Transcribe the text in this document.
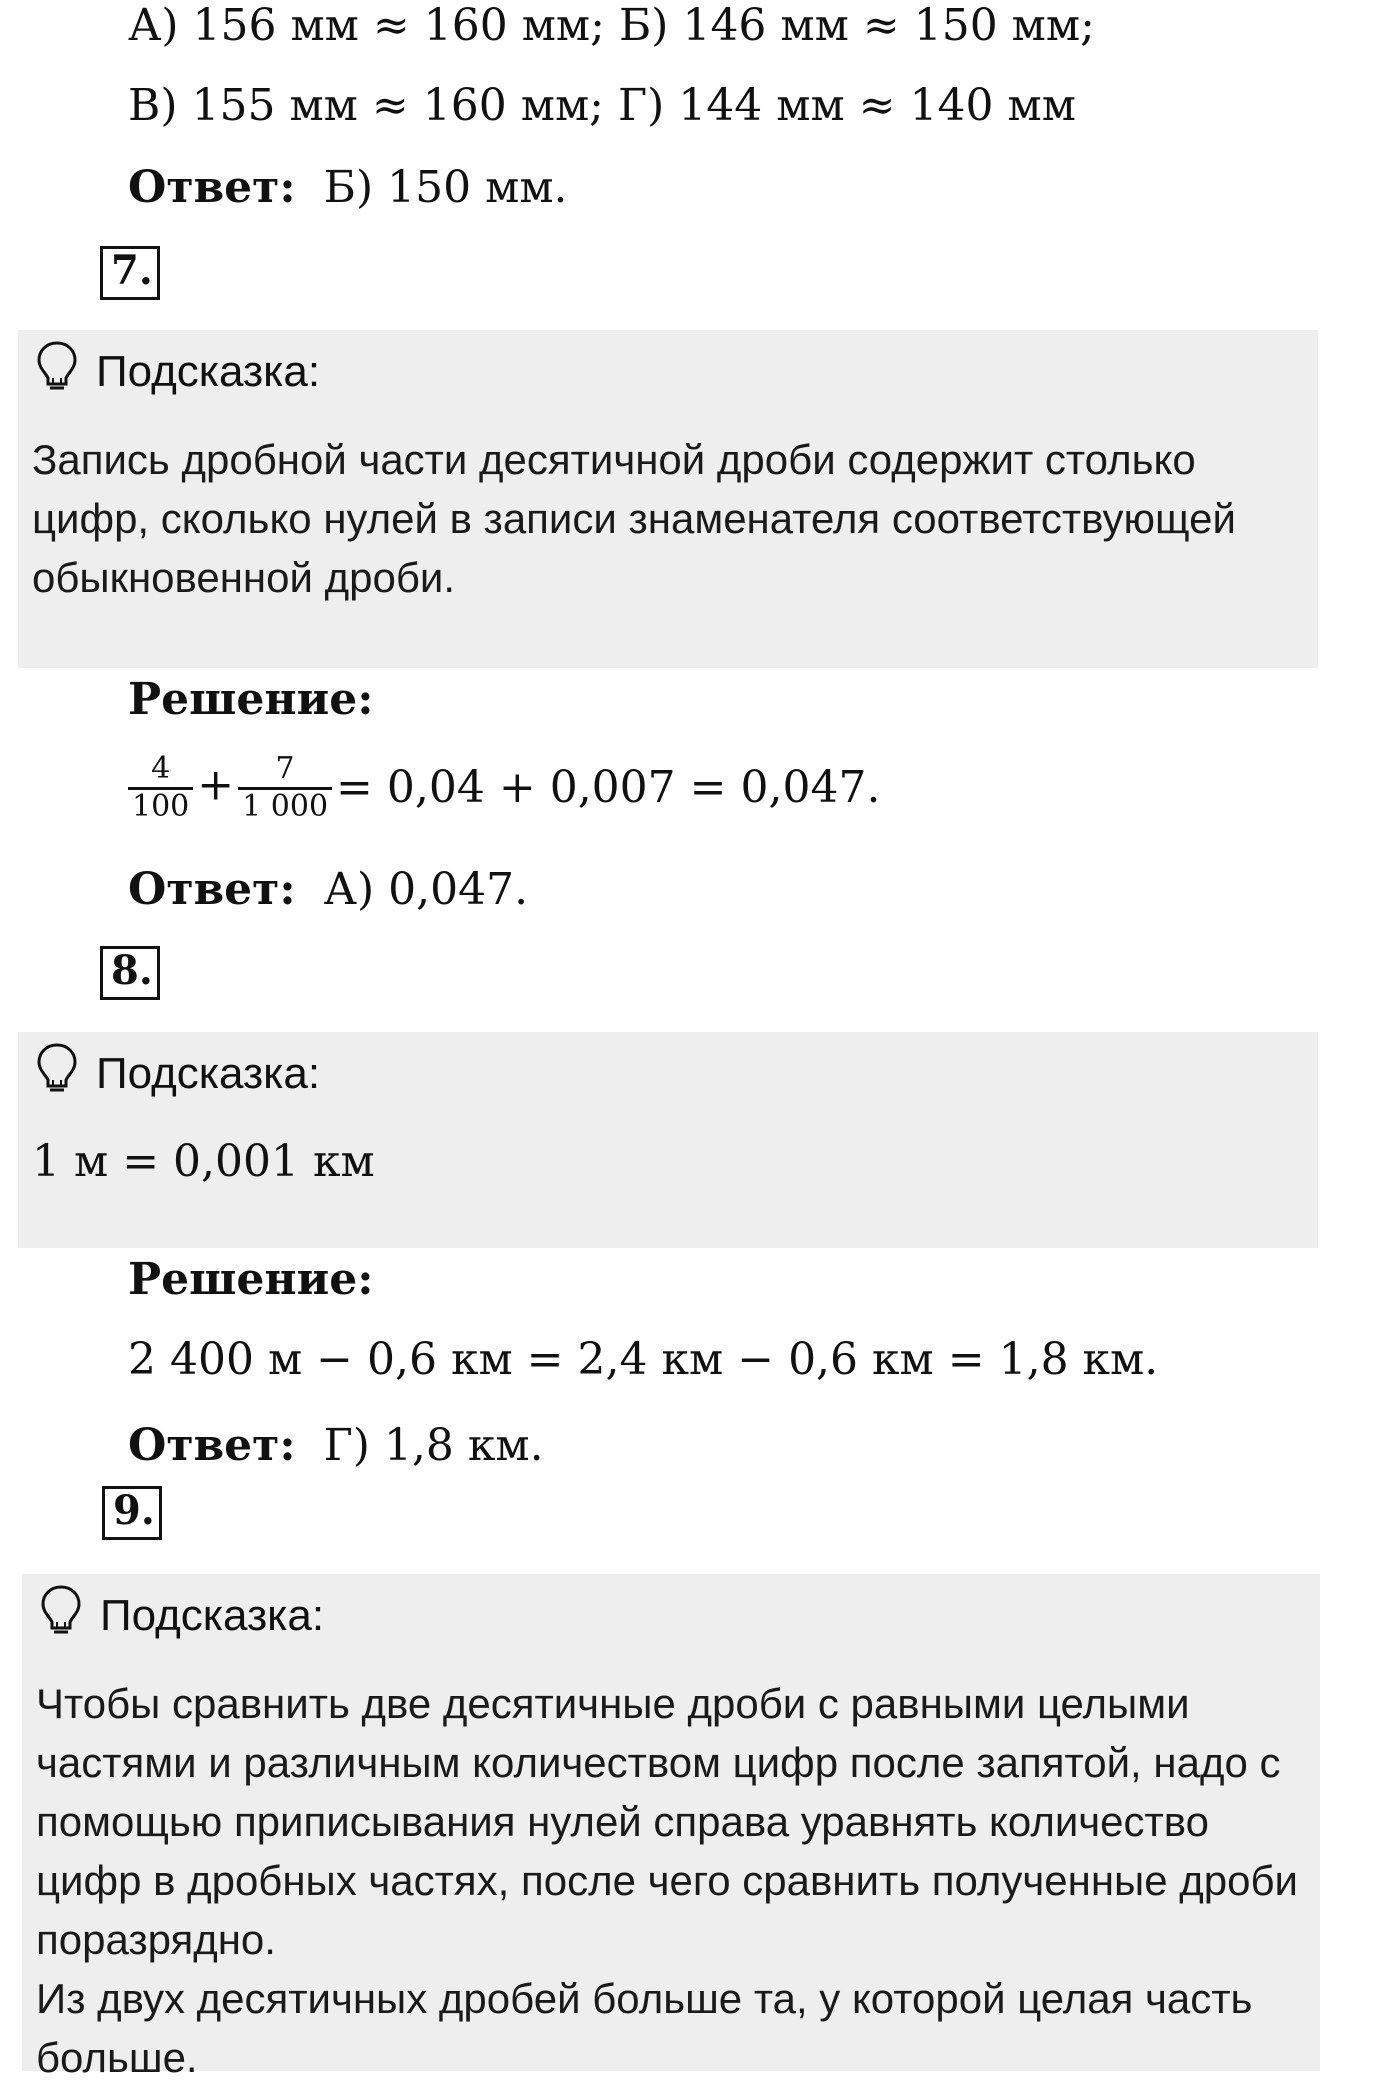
А) 156 мм ≈ 160 мм; Б) 146 мм ≈ 150 мм;
В) 155 мм ≈ 160 мм; Г) 144 мм ≈ 140 мм
Ответ: Б) 150 мм.
7.
Подсказка:
Запись дробной части десятичной дроби содержит столько цифр, сколько нулей в записи знаменателя соответствующей обыкновенной дроби.
Решение:
$\frac{4}{100} + \frac{7}{1 000} = 0,04 + 0,007 = 0,047$.
Ответ: А) 0,047.
8.
Подсказка:
1 м = 0,001 км
Решение:
2 400 м − 0,6 км = 2,4 км − 0,6 км = 1,8 км.
Ответ: Г) 1,8 км.
9.
Подсказка:
Чтобы сравнить две десятичные дроби с равными целыми частями и различным количеством цифр после запятой, надо с помощью приписывания нулей справа уравнять количество цифр в дробных частях, после чего сравнить полученные дроби поразрядно.
Из двух десятичных дробей больше та, у которой целая часть больше.
